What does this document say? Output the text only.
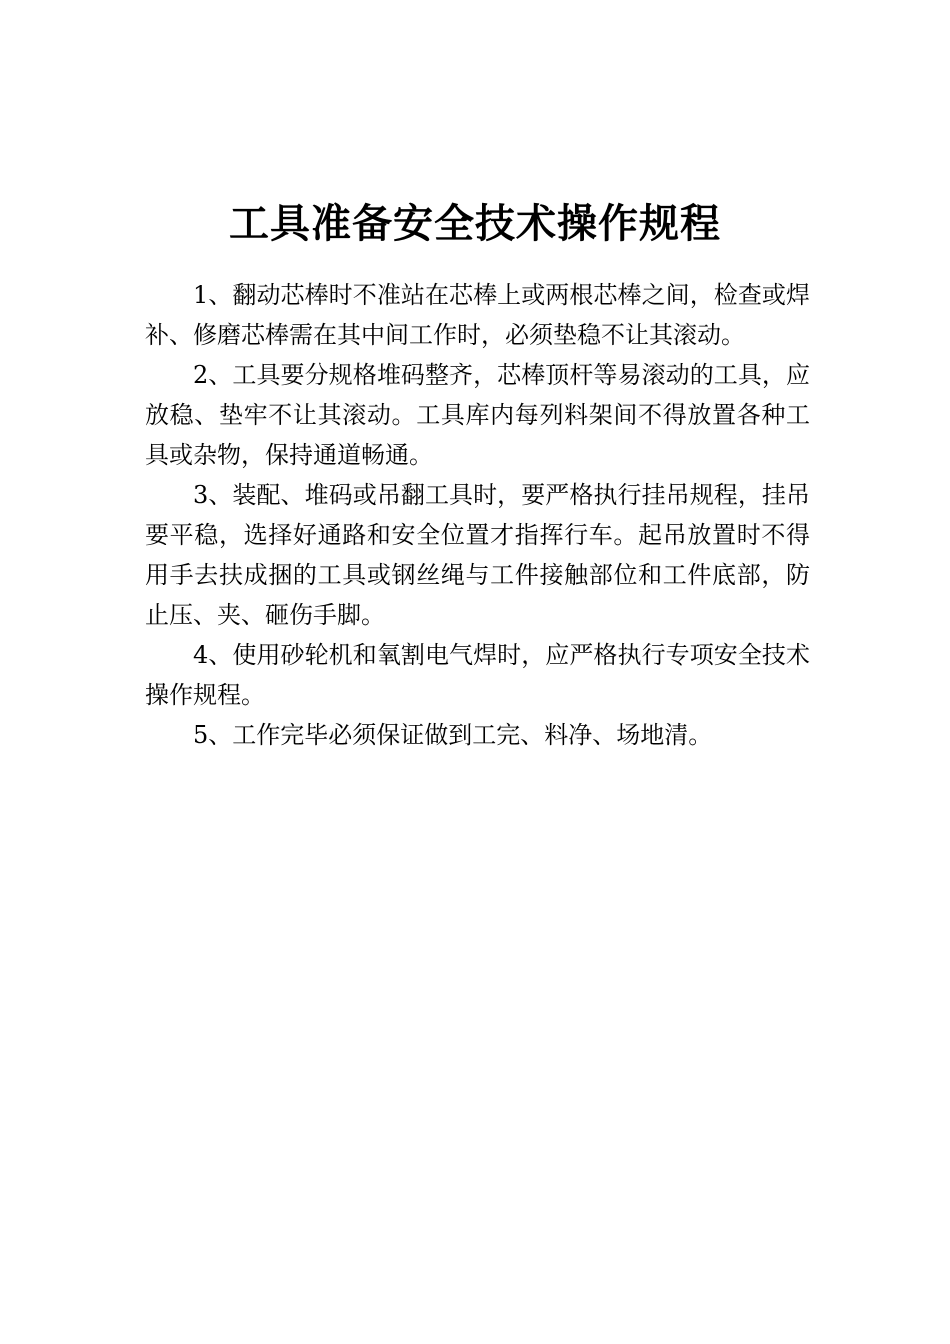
工具准备安全技术操作规程

1、翻动芯棒时不准站在芯棒上或两根芯棒之间，检查或焊补、修磨芯棒需在其中间工作时，必须垫稳不让其滚动。

2、工具要分规格堆码整齐，芯棒顶杆等易滚动的工具，应放稳、垫牢不让其滚动。工具库内每列料架间不得放置各种工具或杂物，保持通道畅通。

3、装配、堆码或吊翻工具时，要严格执行挂吊规程，挂吊要平稳，选择好通路和安全位置才指挥行车。起吊放置时不得用手去扶成捆的工具或钢丝绳与工件接触部位和工件底部，防止压、夹、砸伤手脚。

4、使用砂轮机和氧割电气焊时，应严格执行专项安全技术操作规程。

5、工作完毕必须保证做到工完、料净、场地清。
